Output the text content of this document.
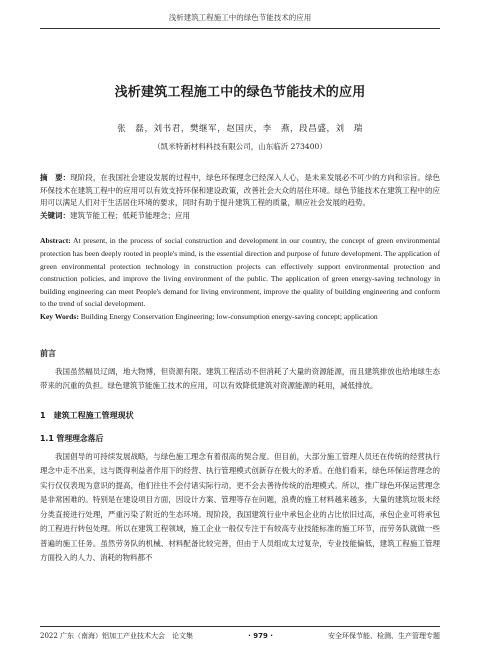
浅析建筑工程施工中的绿色节能技术的应用
浅析建筑工程施工中的绿色节能技术的应用
张　磊，刘书君，樊继军，赵国庆，李　燕，段昌盛，刘　瑞
（凯米特新材料科技有限公司，山东临沂 273400）
摘　要：现阶段，在我国社会建设发展的过程中，绿色环保理念已经深入人心，是未来发展必不可少的方向和宗旨。绿色环保技术在建筑工程中的应用可以有效支持环保和建设政策，改善社会大众的居住环境。绿色节能技术在建筑工程中的应用可以满足人们对于生活居住环境的要求，同时有助于提升建筑工程的质量，顺应社会发展的趋势。
关键词：建筑节能工程；低耗节能理念；应用
Abstract: At present, in the process of social construction and development in our country, the concept of green environmental protection has been deeply rooted in people's mind, is the essential direction and purpose of future development. The application of green environmental protection technology in construction projects can effectively support environmental protection and construction policies, and improve the living environment of the public. The application of green energy-saving technology in building engineering can meet People's demand for living environment, improve the quality of building engineering and conform to the trend of social development.
Key Words: Building Energy Conservation Engineering; low-consumption energy-saving concept; application
前言
我国虽然幅员辽阔，地大物博，但资源有限。建筑工程活动不但消耗了大量的资源能源，而且建筑排放也给地球生态带来的沉重的负担。绿色建筑节能施工技术的应用，可以有效降低建筑对资源能源的耗用，减低排放。
1　建筑工程施工管理现状
1.1 管理理念落后
我国倡导的可持续发展战略，与绿色施工理念有着很高的契合度。但目前，大部分施工管理人员还在传统的经营执行理念中走不出来，这与既得利益者作用下的经营、执行管理模式创新存在极大的矛盾。在他们看来，绿色环保运营理念的实行仅仅表现为意识的提高，他们往往不会付诸实际行动，更不会去善待传统的治理模式。所以，推广绿色环保运营理念是非常困难的。特别是在建设项目方面，因设计方案、管理等存在问题，浪费的施工材料越来越多，大量的建筑垃圾未经分类直接进行处理，严重污染了附近的生态环境。现阶段，我国建筑行业中承包企业的占比依旧过高，承包企业可将承包的工程进行转包处理。所以在建筑工程领域，施工企业一般仅专注于有较高专业技能标准的施工环节，而劳务队就做一些普遍的施工任务。虽然劳务队的机械、材料配备比较完善，但由于人员组成太过复杂，专业技能偏低，建筑工程施工管理方面投入的人力、消耗的物料都不
2022 广东（南海）铝加工产业技术大会　论文集	· 979 ·	安全环保节能、检测、生产管理专题
